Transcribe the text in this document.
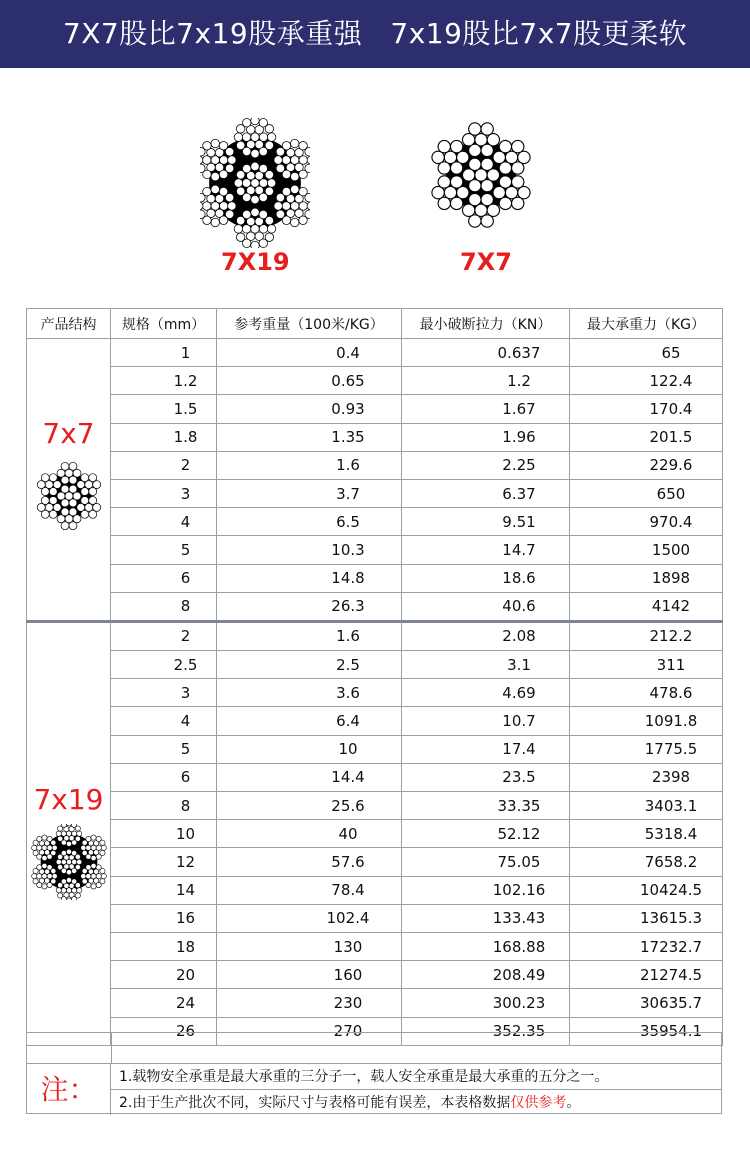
7X7股比7x19股承重强   7x19股比7x7股更柔软
7X19	7X7
产品结构	规格（mm）	参考重量（100米/KG）	最小破断拉力（KN）	最大承重力（KG）

7x7	1	0.4	0.637	65
	1.2	0.65	1.2	122.4
	1.5	0.93	1.67	170.4
	1.8	1.35	1.96	201.5
	2	1.6	2.25	229.6
	3	3.7	6.37	650
	4	6.5	9.51	970.4
	5	10.3	14.7	1500
	6	14.8	18.6	1898
	8	26.3	40.6	4142

7x19	2	1.6	2.08	212.2
	2.5	2.5	3.1	311
	3	3.6	4.69	478.6
	4	6.4	10.7	1091.8
	5	10	17.4	1775.5
	6	14.4	23.5	2398
	8	25.6	33.35	3403.1
	10	40	52.12	5318.4
	12	57.6	75.05	7658.2
	14	78.4	102.16	10424.5
	16	102.4	133.43	13615.3
	18	130	168.88	17232.7
	20	160	208.49	21274.5
	24	230	300.23	30635.7
	26	270	352.35	35954.1
注：	1.载物安全承重是最大承重的三分子一，载人安全承重是最大承重的五分之一。
2.由于生产批次不同，实际尺寸与表格可能有误差，本表格数据仅供参考。
